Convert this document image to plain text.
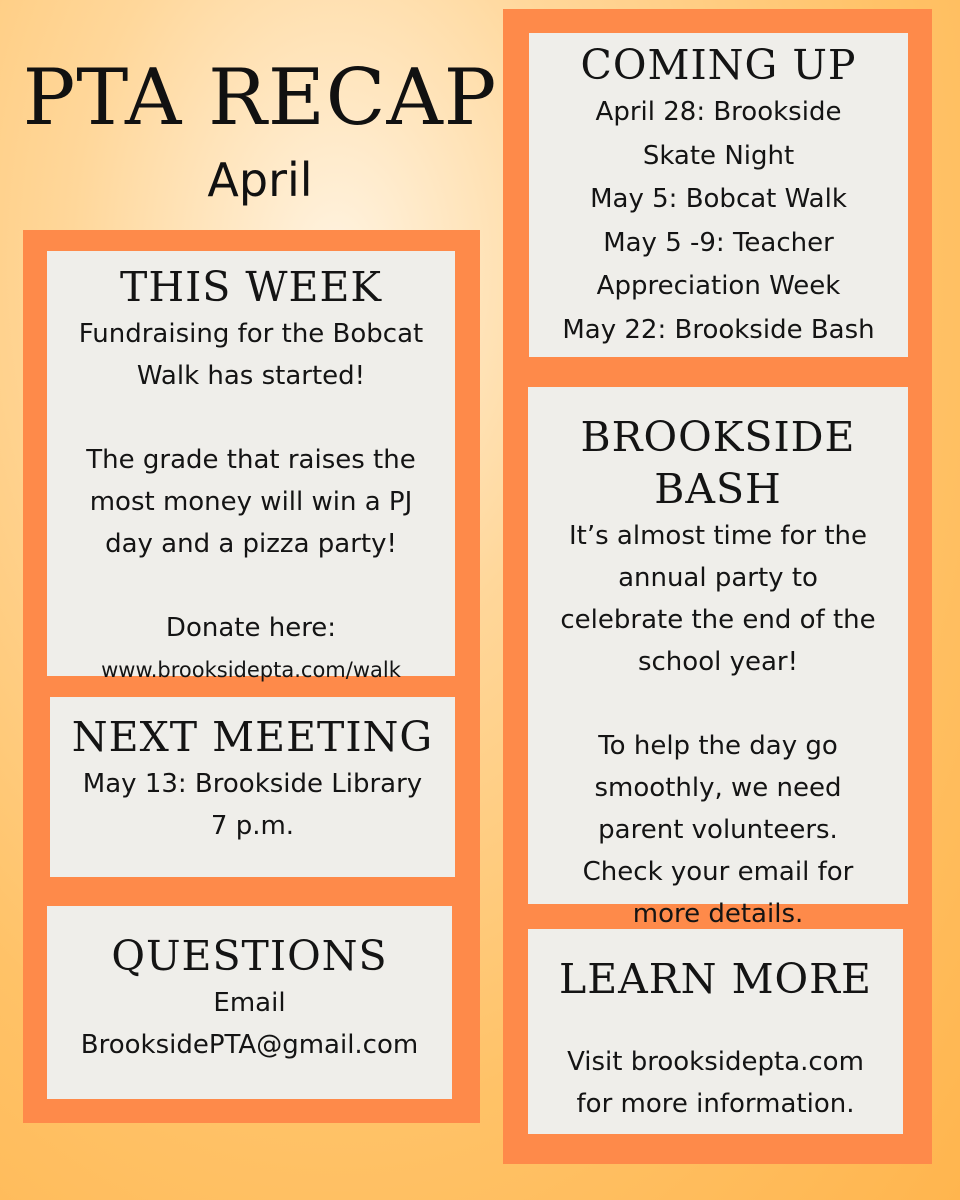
PTA RECAP
April
THIS WEEK

Fundraising for the Bobcat

Walk has started!

The grade that raises the

most money will win a PJ

day and a pizza party!

Donate here:

www.brooksidepta.com/walk

NEXT MEETING

May 13: Brookside Library

7 p.m.

QUESTIONS

Email

BrooksidePTA@gmail.com

COMING UP

April 28: Brookside

Skate Night

May 5: Bobcat Walk

May 5 -9: Teacher

Appreciation Week

May 22: Brookside Bash

BROOKSIDE BASH

It’s almost time for the

annual party to

celebrate the end of the

school year!

To help the day go

smoothly, we need

parent volunteers.

Check your email for

more details.

LEARN MORE

Visit brooksidepta.com

for more information.
